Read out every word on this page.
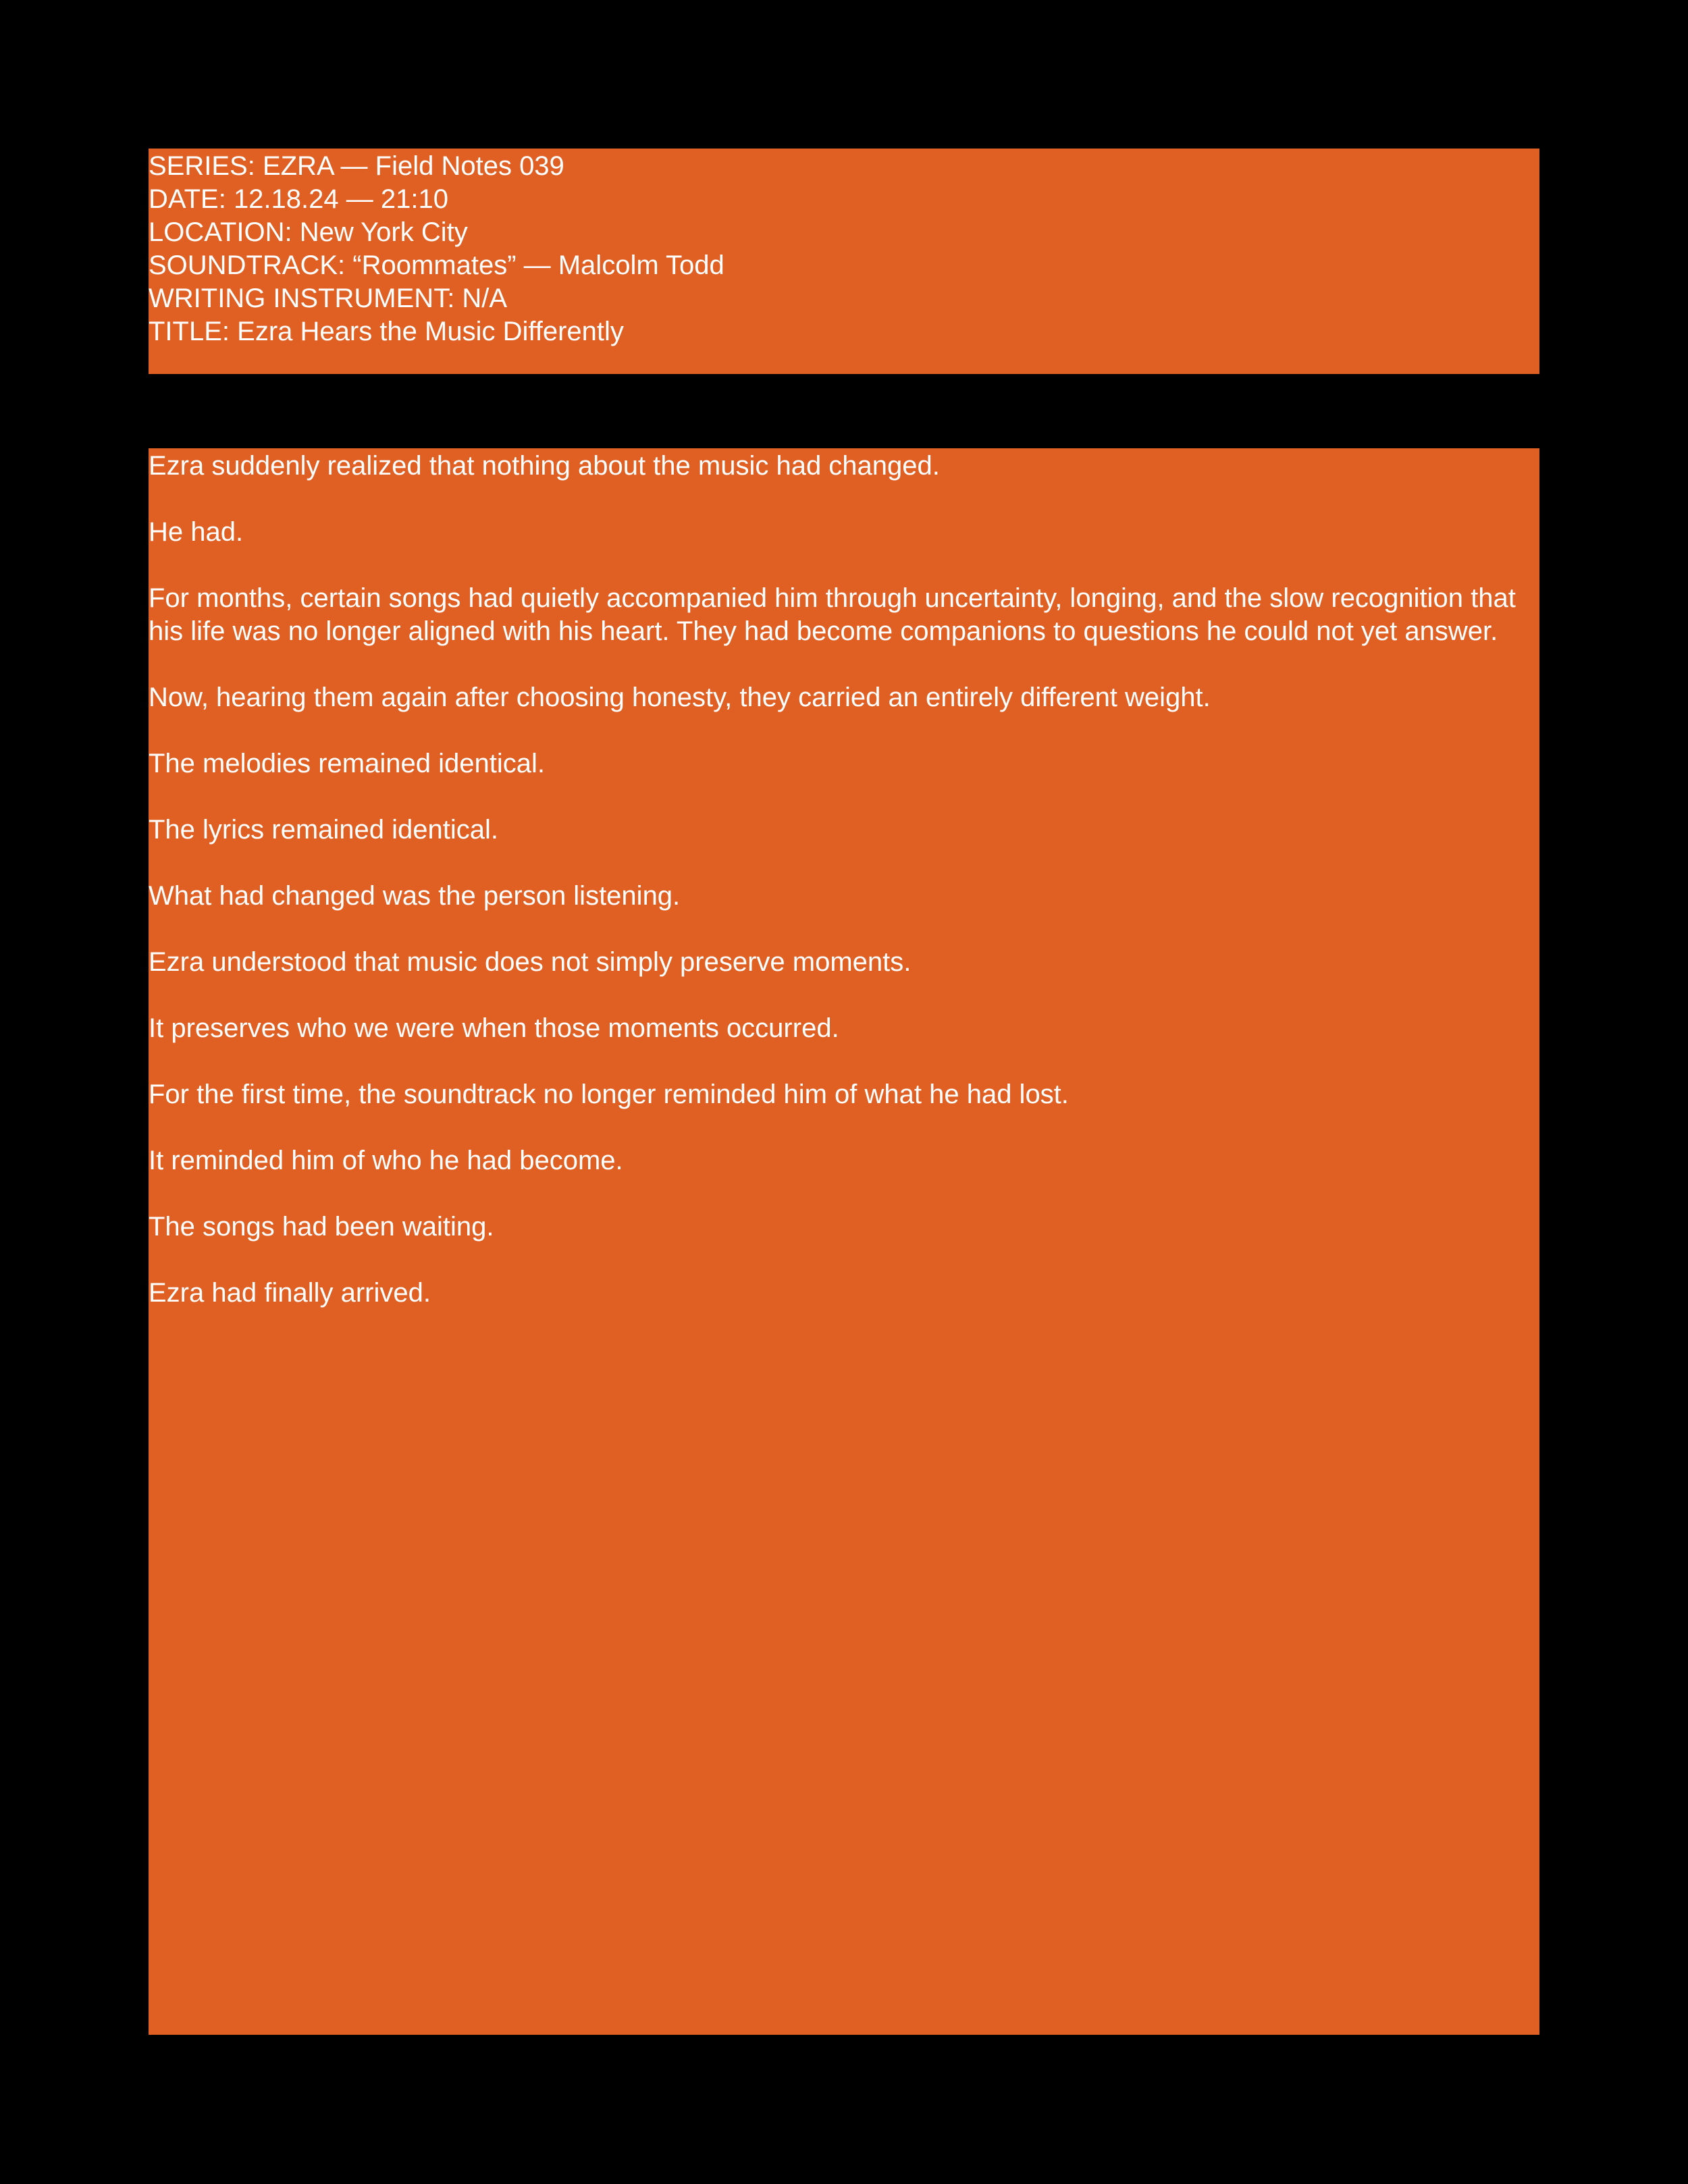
SERIES: EZRA — Field Notes 039

DATE: 12.18.24 — 21:10

LOCATION: New York City

SOUNDTRACK: “Roommates” — Malcolm Todd

WRITING INSTRUMENT: N/A

TITLE: Ezra Hears the Music Differently

Ezra suddenly realized that nothing about the music had changed.

He had.

For months, certain songs had quietly accompanied him through uncertainty, longing, and the slow recognition that his life was no longer aligned with his heart. They had become companions to questions he could not yet answer.

Now, hearing them again after choosing honesty, they carried an entirely different weight.

The melodies remained identical.

The lyrics remained identical.

What had changed was the person listening.

Ezra understood that music does not simply preserve moments.

It preserves who we were when those moments occurred.

For the first time, the soundtrack no longer reminded him of what he had lost.

It reminded him of who he had become.

The songs had been waiting.

Ezra had finally arrived.
